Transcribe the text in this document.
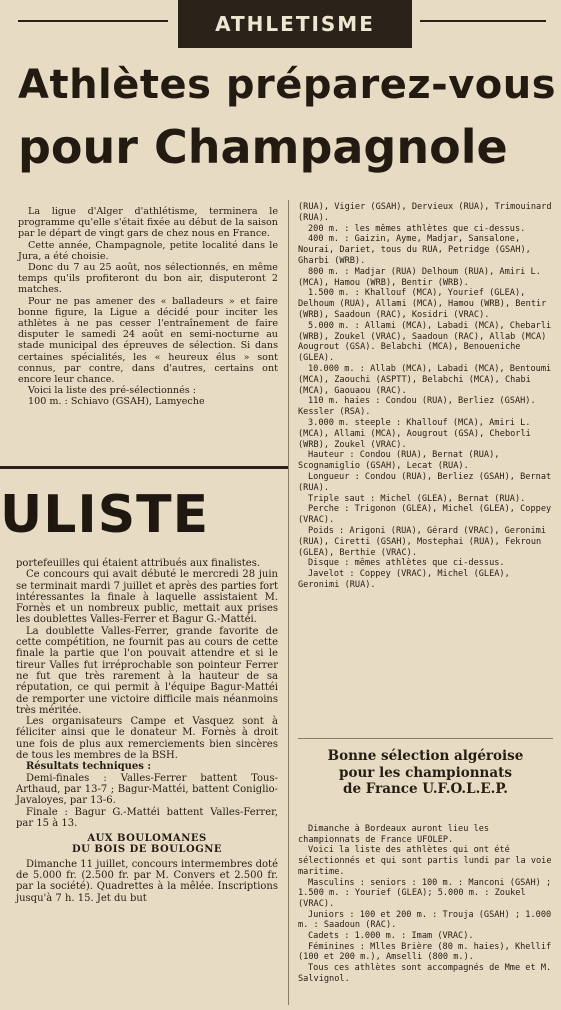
ATHLETISME
Athlètes préparez-vous
pour Champagnole

La ligue d'Alger d'athlétisme, terminera le programme qu'elle s'était fixée au début de la saison par le départ de vingt gars de chez nous en France.

Cette année, Champagnole, petite localité dans le Jura, a été choisie.

Donc du 7 au 25 août, nos sélectionnés, en même temps qu'ils profiteront du bon air, disputeront 2 matches.

Pour ne pas amener des « balladeurs » et faire bonne figure, la Ligue a décidé pour inciter les athlètes à ne pas cesser l'entraînement de faire disputer le samedi 24 août en semi-nocturne au stade municipal des épreuves de sélection. Si dans certaines spécialités, les « heureux élus » sont connus, par contre, dans d'autres, certains ont encore leur chance.

Voici la liste des pré-sélectionnés :

100 m. : Schiavo (GSAH), Lamyeche

(RUA), Vigier (GSAH), Dervieux (RUA), Trimouinard (RUA).

200 m. : les mêmes athlètes que ci-dessus.

400 m. : Gaizin, Ayme, Madjar, Sansalone, Nourai, Dariet, tous du RUA, Petridge (GSAH), Gharbi (WRB).

800 m. : Madjar (RUA) Delhoum (RUA), Amiri L. (MCA), Hamou (WRB), Bentir (WRB).

1.500 m. : Khallouf (MCA), Yourief (GLEA), Delhoum (RUA), Allami (MCA), Hamou (WRB), Bentir (WRB), Saadoun (RAC), Kosidri (VRAC).

5.000 m. : Allami (MCA), Labadi (MCA), Chebarli (WRB), Zoukel (VRAC), Saadoun (RAC), Allab (MCA) Aougrout (GSA). Belabchi (MCA), Benoueniche (GLEA).

10.000 m. : Allab (MCA), Labadi (MCA), Bentoumi (MCA), Zaouchi (ASPTT), Belabchi (MCA), Chabi (MCA), Gaouaou (RAC).

110 m. haies : Condou (RUA), Berliez (GSAH). Kessler (RSA).

3.000 m. steeple : Khallouf (MCA), Amiri L. (MCA), Allami (MCA), Aougrout (GSA), Cheborli (WRB), Zoukel (VRAC).

Hauteur : Condou (RUA), Bernat (RUA), Scognamiglio (GSAH), Lecat (RUA).

Longueur : Condou (RUA), Berliez (GSAH), Bernat (RUA).

Triple saut : Michel (GLEA), Bernat (RUA).

Perche : Trigonon (GLEA), Michel (GLEA), Coppey (VRAC).

Poids : Arigoni (RUA), Gérard (VRAC), Geronimi (RUA), Ciretti (GSAH), Mostephai (RUA), Fekroun (GLEA), Berthie (VRAC).

Disque : mêmes athlètes que ci-dessus.

Javelot : Coppey (VRAC), Michel (GLEA), Geronimi (RUA).

ULISTE

portefeuilles qui étaient attribués aux finalistes.

Ce concours qui avait débuté le mercredi 28 juin se terminait mardi 7 juillet et après des parties fort intéressantes la finale à laquelle assistaient M. Fornès et un nombreux public, mettait aux prises les doublettes Valles-Ferrer et Bagur G.-Mattéi.

La doublette Valles-Ferrer, grande favorite de cette compétition, ne fournit pas au cours de cette finale la partie que l'on pouvait attendre et si le tireur Valles fut irréprochable son pointeur Ferrer ne fut que très rarement à la hauteur de sa réputation, ce qui permit à l'équipe Bagur-Mattéi de remporter une victoire difficile mais néanmoins très méritée.

Les organisateurs Campe et Vasquez sont à féliciter ainsi que le donateur M. Fornès à droit une fois de plus aux remerciements bien sincères de tous les membres de la BSH.

Résultats techniques :

Demi-finales : Valles-Ferrer battent Tous-Arthaud, par 13-7 ; Bagur-Mattéi, battent Coniglio-Javaloyes, par 13-6.

Finale : Bagur G.-Mattéi battent Valles-Ferrer, par 15 à 13.

AUX BOULOMANES

DU BOIS DE BOULOGNE

Dimanche 11 juillet, concours intermembres doté de 5.000 fr. (2.500 fr. par M. Convers et 2.500 fr. par la société). Quadrettes à la mêlée. Inscriptions jusqu'à 7 h. 15. Jet du but

Bonne sélection algéroise
pour les championnats
de France U.F.O.L.E.P.

Dimanche à Bordeaux auront lieu les championnats de France UFOLEP.

Voici la liste des athlètes qui ont été sélectionnés et qui sont partis lundi par la voie maritime.

Masculins : seniors : 100 m. : Manconi (GSAH) ; 1.500 m. : Yourief (GLEA); 5.000 m. : Zoukel (VRAC).

Juniors : 100 et 200 m. : Trouja (GSAH) ; 1.000 m. : Saadoun (RAC).

Cadets : 1.000 m. : Imam (VRAC).

Féminines : Mlles Brière (80 m. haies), Khellif (100 et 200 m.), Amselli (800 m.).

Tous ces athlètes sont accompagnés de Mme et M. Salvignol.
